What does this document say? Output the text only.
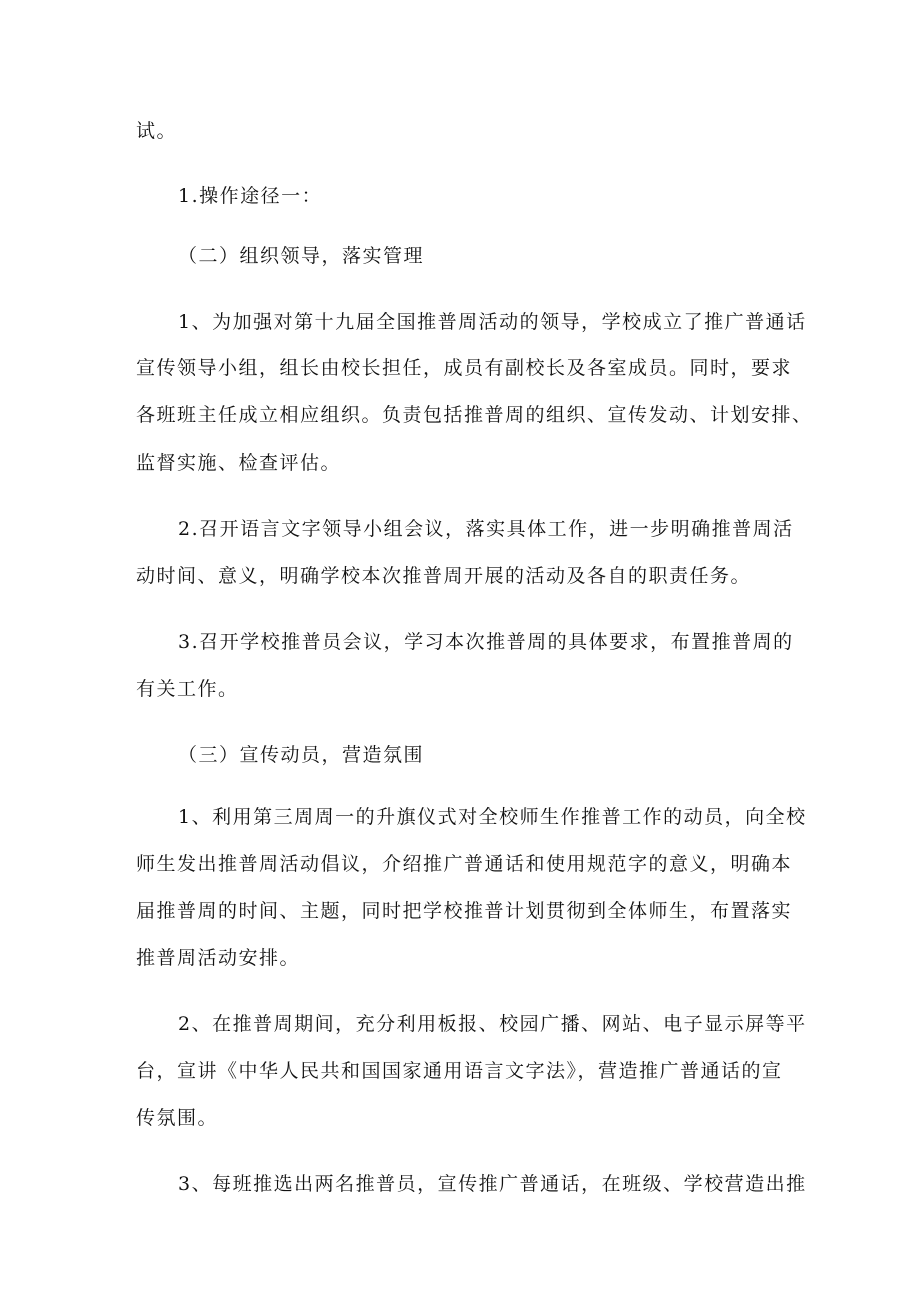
试。
1.操作途径一：
（二）组织领导，落实管理
1、为加强对第十九届全国推普周活动的领导，学校成立了推广普通话
宣传领导小组，组长由校长担任，成员有副校长及各室成员。同时，要求
各班班主任成立相应组织。负责包括推普周的组织、宣传发动、计划安排、
监督实施、检查评估。
2.召开语言文字领导小组会议，落实具体工作，进一步明确推普周活
动时间、意义，明确学校本次推普周开展的活动及各自的职责任务。
3.召开学校推普员会议，学习本次推普周的具体要求，布置推普周的
有关工作。
（三）宣传动员，营造氛围
1、利用第三周周一的升旗仪式对全校师生作推普工作的动员，向全校
师生发出推普周活动倡议，介绍推广普通话和使用规范字的意义，明确本
届推普周的时间、主题，同时把学校推普计划贯彻到全体师生，布置落实
推普周活动安排。
2、在推普周期间，充分利用板报、校园广播、网站、电子显示屏等平
台，宣讲《中华人民共和国国家通用语言文字法》，营造推广普通话的宣
传氛围。
3、每班推选出两名推普员，宣传推广普通话，在班级、学校营造出推
